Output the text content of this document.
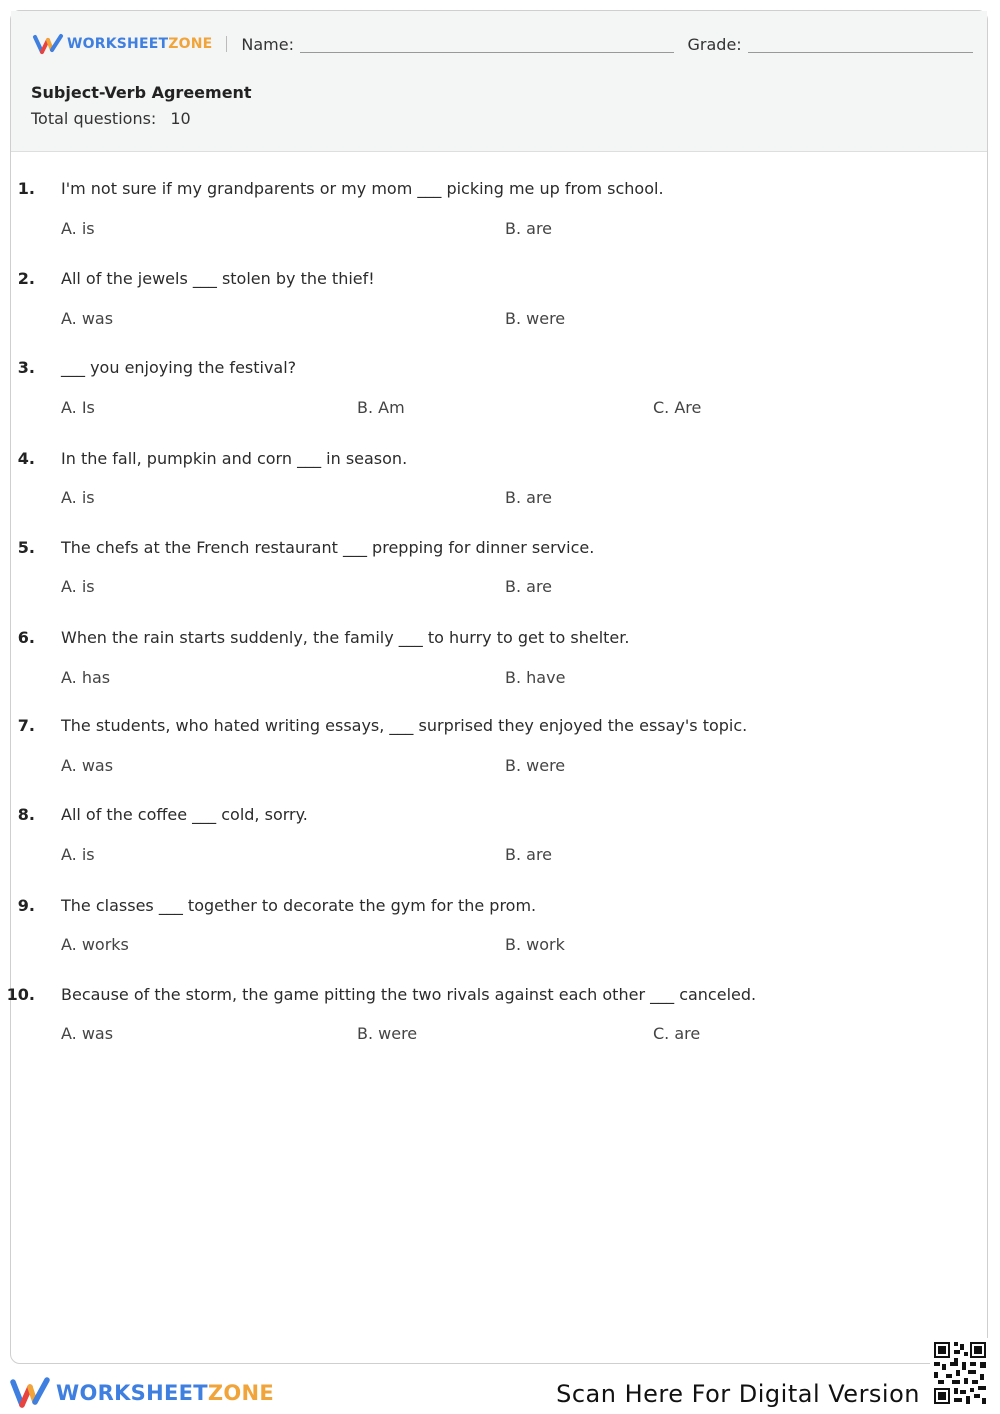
WORKSHEETZONE Name:	Grade:
Subject-Verb Agreement
Total questions: 10
1. I'm not sure if my grandparents or my mom ___ picking me up from school.
A. is	B. are
2. All of the jewels ___ stolen by the thief!
A. was	B. were
3. ___ you enjoying the festival?
A. Is	B. Am	C. Are
4. In the fall, pumpkin and corn ___ in season.
A. is	B. are
5. The chefs at the French restaurant ___ prepping for dinner service.
A. is	B. are
6. When the rain starts suddenly, the family ___ to hurry to get to shelter.
A. has	B. have
7. The students, who hated writing essays, ___ surprised they enjoyed the essay's topic.
A. was	B. were
8. All of the coffee ___ cold, sorry.
A. is	B. are
9. The classes ___ together to decorate the gym for the prom.
A. works	B. work
10. Because of the storm, the game pitting the two rivals against each other ___ canceled.
A. was	B. were	C. are
WORKSHEETZONE	Scan Here For Digital Version
